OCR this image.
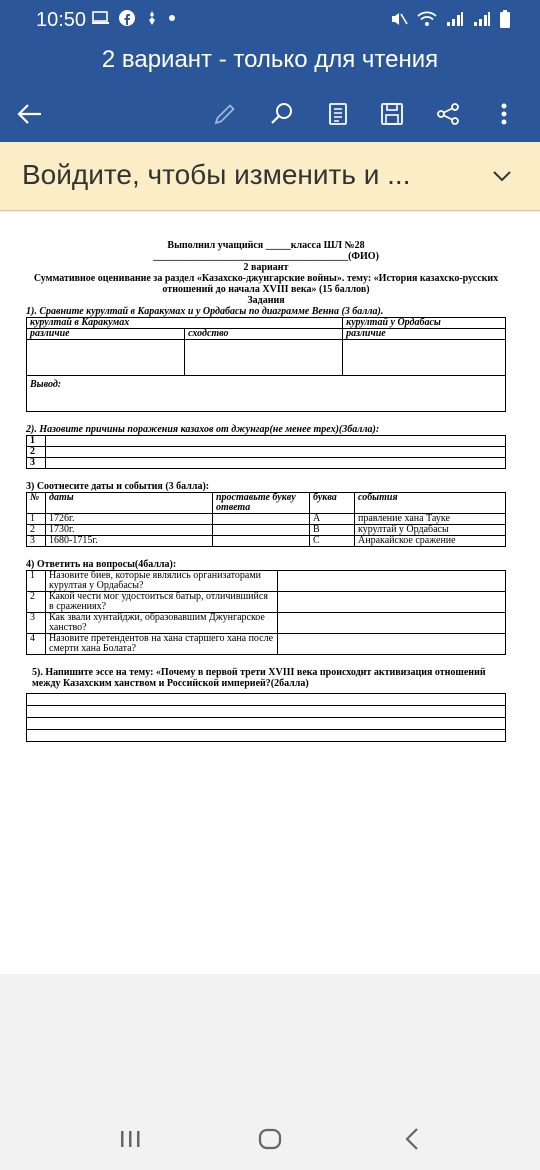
10:50
2 вариант - только для чтения
Войдите, чтобы изменить и ...
Выполнил учащийся _____класса ШЛ №28
_______________________________________(ФИО)
2 вариант
Суммативное оценивание за раздел «Казахско-джунгарские войны». тему: «История казахско-русских отношений до начала XVIII века» (15 баллов)
Задания
1). Сравните курултай в Каракумах и у Ордабасы по диаграмме Венна (3 балла).
курултай в Каракумах		курултай у Ордабасы
различие	сходство	различие

Вывод:		
2). Назовите причины поражения казахов от джунгар(не менее трех)(3балла):
1	
2	
3	
3) Соотнесите даты и события (3 балла):
№	даты	проставьте букву ответа	буква	события
1	1726г.		A	правление хана Тауке
2	1730г.		B	курултай у Ордабасы
3	1680-1715г.		C	Анракайское сражение
4) Ответить на вопросы(4балла):
1	Назовите биев, которые являлись организаторами курултая у Ордабасы?	
2	Какой чести мог удостоиться батыр, отличившийся в сражениях?	
3	Как звали хунтайджи, образовавшим Джунгарское ханство?	
4	Назовите претендентов на хана старшего хана после смерти хана Болата?	
5). Напишите эссе на тему: «Почему в первой трети XVIII века происходит активизация отношений между Казахским ханством и Российской империей?(2балла)
